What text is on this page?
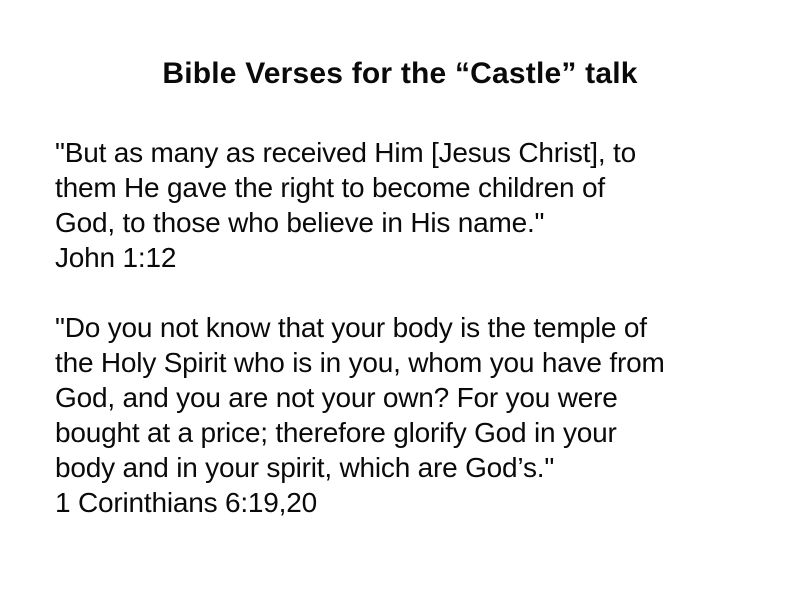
Bible Verses for the “Castle” talk
"But as many as received Him [Jesus Christ], to
them He gave the right to become children of
God, to those who believe in His name."
John 1:12
"Do you not know that your body is the temple of
the Holy Spirit who is in you, whom you have from
God, and you are not your own? For you were
bought at a price; therefore glorify God in your
body and in your spirit, which are God’s."
1 Corinthians 6:19,20
